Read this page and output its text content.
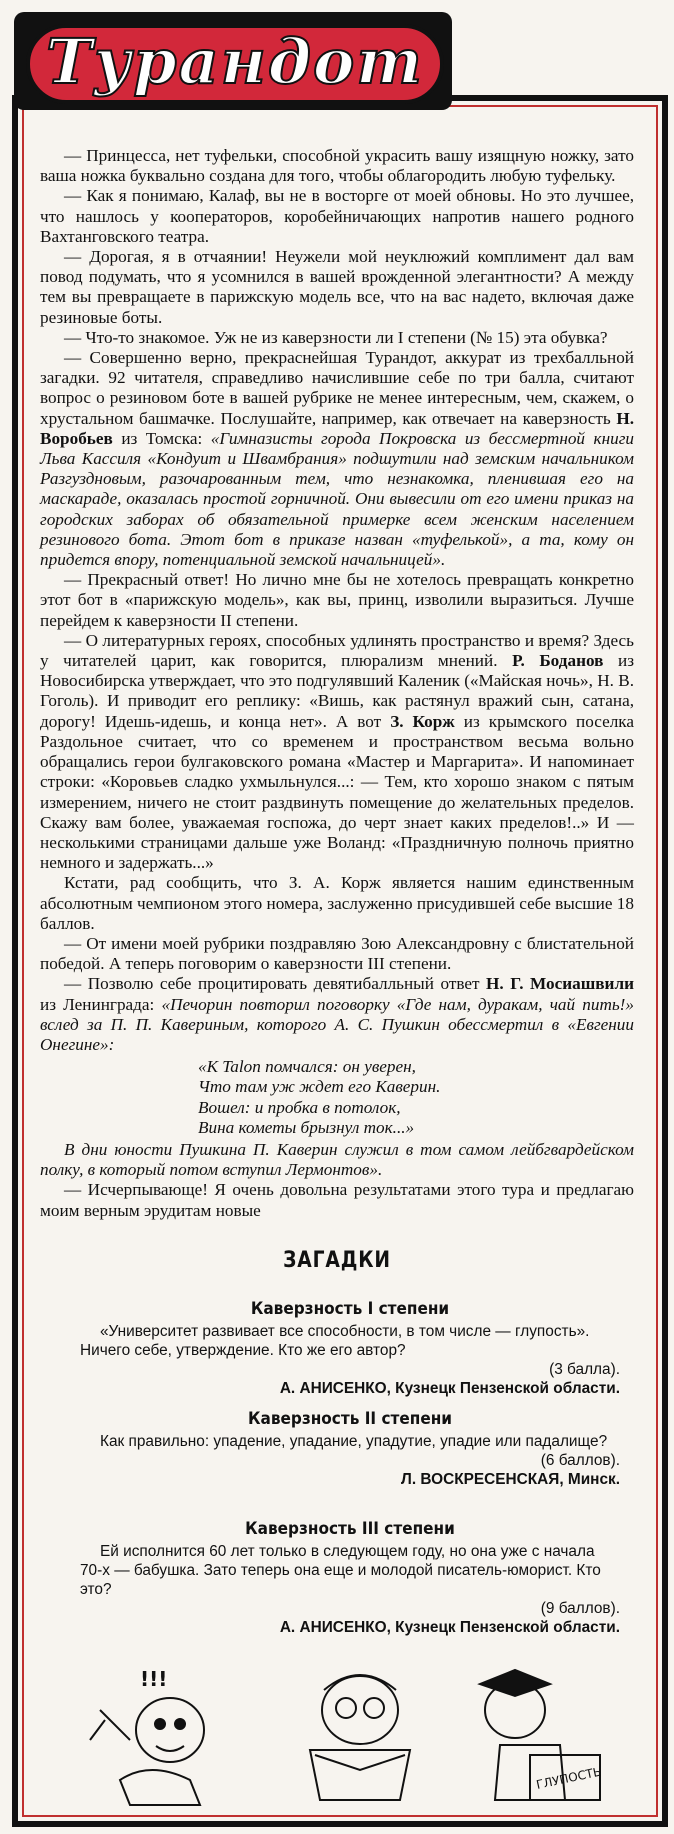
Турандот

— Принцесса, нет туфельки, способной украсить вашу изящную ножку, зато ваша ножка буквально создана для того, чтобы облагородить любую туфельку.

— Как я понимаю, Калаф, вы не в восторге от моей обновы. Но это лучшее, что нашлось у кооператоров, коробейничающих напротив нашего родного Вахтанговского театра.

— Дорогая, я в отчаянии! Неужели мой неуклюжий комплимент дал вам повод подумать, что я усомнился в вашей врожденной элегантности? А между тем вы превращаете в парижскую модель все, что на вас надето, включая даже резиновые боты.

— Что-то знакомое. Уж не из каверзности ли I степени (№ 15) эта обувка?

— Совершенно верно, прекраснейшая Турандот, аккурат из трехбалльной загадки. 92 читателя, справедливо начислившие себе по три балла, считают вопрос о резиновом боте в вашей рубрике не менее интересным, чем, скажем, о хрустальном башмачке. Послушайте, например, как отвечает на каверзность Н. Воробьев из Томска: «Гимназисты города Покровска из бессмертной книги Льва Кассиля «Кондуит и Швамбрания» подшутили над земским начальником Разгуздновым, разочарованным тем, что незнакомка, пленившая его на маскараде, оказалась простой горничной. Они вывесили от его имени приказ на городских заборах об обязательной примерке всем женским населением резинового бота. Этот бот в приказе назван «туфелькой», а та, кому он придется впору, потенциальной земской начальницей».

— Прекрасный ответ! Но лично мне бы не хотелось превращать конкретно этот бот в «парижскую модель», как вы, принц, изволили выразиться. Лучше перейдем к каверзности II степени.

— О литературных героях, способных удлинять пространство и время? Здесь у читателей царит, как говорится, плюрализм мнений. Р. Боданов из Новосибирска утверждает, что это подгулявший Каленик («Майская ночь», Н. В. Гоголь). И приводит его реплику: «Вишь, как растянул вражий сын, сатана, дорогу! Идешь-идешь, и конца нет». А вот З. Корж из крымского поселка Раздольное считает, что со временем и пространством весьма вольно обращались герои булгаковского романа «Мастер и Маргарита». И напоминает строки: «Коровьев сладко ухмыльнулся...: — Тем, кто хорошо знаком с пятым измерением, ничего не стоит раздвинуть помещение до желательных пределов. Скажу вам более, уважаемая госпожа, до черт знает каких пределов!..» И — несколькими страницами дальше уже Воланд: «Праздничную полночь приятно немного и задержать...»

Кстати, рад сообщить, что З. А. Корж является нашим единственным абсолютным чемпионом этого номера, заслуженно присудившей себе высшие 18 баллов.

— От имени моей рубрики поздравляю Зою Александровну с блистательной победой. А теперь поговорим о каверзности III степени.

— Позволю себе процитировать девятибалльный ответ Н. Г. Мосиашвили из Ленинграда: «Печорин повторил поговорку «Где нам, дуракам, чай пить!» вслед за П. П. Кавериным, которого А. С. Пушкин обессмертил в «Евгении Онегине»:

«К Talon помчался: он уверен,
Что там уж ждет его Каверин.
Вошел: и пробка в потолок,
Вина кометы брызнул ток...»

В дни юности Пушкина П. Каверин служил в том самом лейбгвардейском полку, в который потом вступил Лермонтов».

— Исчерпывающе! Я очень довольна результатами этого тура и предлагаю моим верным эрудитам новые

ЗАГАДКИ
Каверзность I степени
«Университет развивает все способности, в том числе — глупость». Ничего себе, утверждение. Кто же его автор?
(3 балла).
А. АНИСЕНКО, Кузнецк Пензенской области.
Каверзность II степени
Как правильно: упадение, упадание, упадутие, упадие или падалище?
(6 баллов).
Л. ВОСКРЕСЕНСКАЯ, Минск.
Каверзность III степени
Ей исполнится 60 лет только в следующем году, но она уже с начала 70-х — бабушка. Зато теперь она еще и молодой писатель-юморист. Кто это?
(9 баллов).
А. АНИСЕНКО, Кузнецк Пензенской области.
!!!
ГЛУПОСТЬ
